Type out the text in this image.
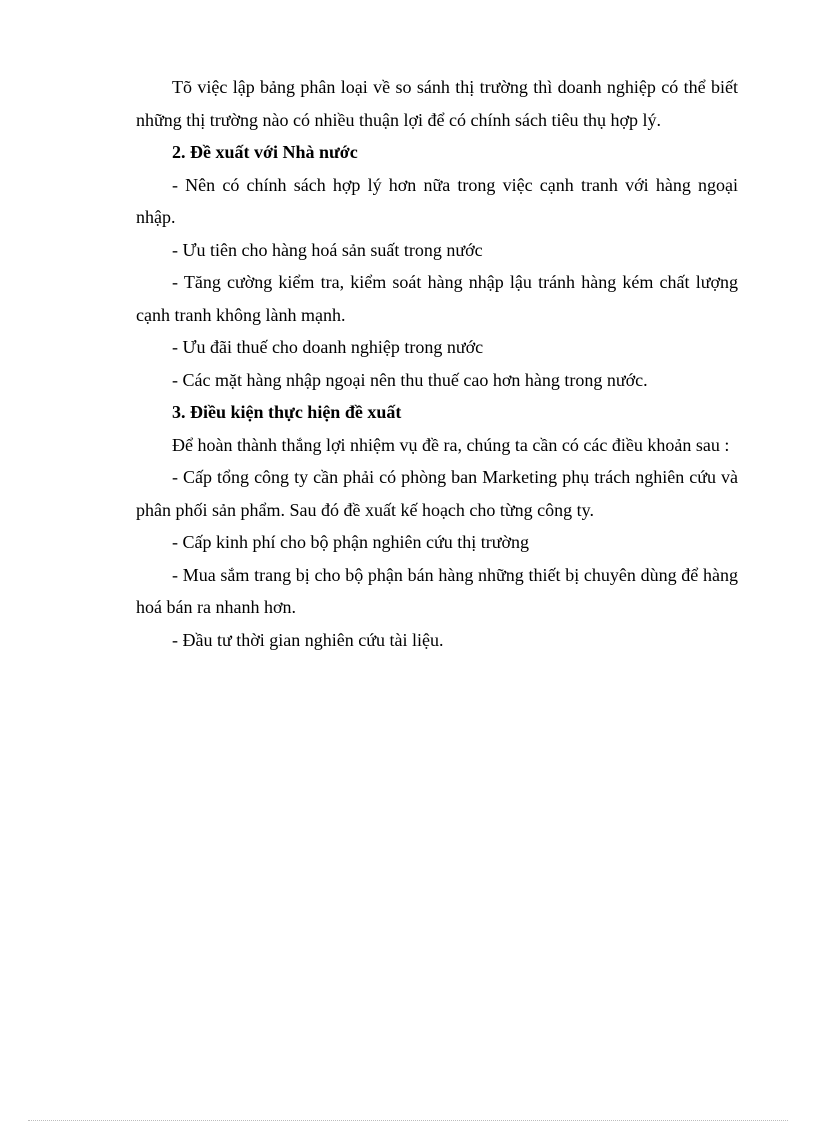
Tõ việc lập bảng phân loại về so sánh thị trường thì doanh nghiệp có thể biết những thị trường nào có nhiều thuận lợi để có chính sách tiêu thụ hợp lý.

2. Đề xuất với Nhà nước

- Nên có chính sách hợp lý hơn nữa trong việc cạnh tranh với hàng ngoại nhập.

- Ưu tiên cho hàng hoá sản suất trong nước

- Tăng cường kiểm tra, kiểm soát hàng nhập lậu tránh hàng kém chất lượng cạnh tranh không lành mạnh.

- Ưu đãi thuế cho doanh nghiệp trong nước

- Các mặt hàng nhập ngoại nên thu thuế cao hơn hàng trong nước.

3. Điều kiện thực hiện đề xuất

Để hoàn thành thắng lợi nhiệm vụ đề ra, chúng ta cần có các điều khoản sau :

- Cấp tổng công ty cần phải có phòng ban Marketing phụ trách nghiên cứu và phân phối sản phẩm. Sau đó đề xuất kế hoạch cho từng công ty.

- Cấp kinh phí cho bộ phận nghiên cứu thị trường

- Mua sắm trang bị cho bộ phận bán hàng những thiết bị chuyên dùng để hàng hoá bán ra nhanh hơn.

- Đầu tư thời gian nghiên cứu tài liệu.
